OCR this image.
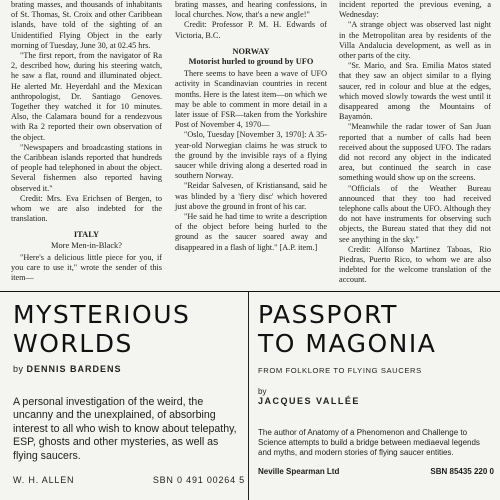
brating masses, and thousands of inhabitants of St. Thomas, St. Croix and other Caribbean islands, have told of the sighting of an Unidentified Flying Object in the early morning of Tuesday, June 30, at 02.45 hrs.

"The first report, from the navigator of Ra 2, described how, during his steering watch, he saw a flat, round and illuminated object. He alerted Mr. Heyerdahl and the Mexican anthropologist, Dr. Santiago Genoves. Together they watched it for 10 minutes. Also, the Calamara bound for a rendezvous with Ra 2 reported their own observation of the object.

"Newspapers and broadcasting stations in the Caribbean islands reported that hundreds of people had telephoned in about the object. Several fishermen also reported having observed it."

Credit: Mrs. Eva Erichsen of Bergen, to whom we are also indebted for the translation.

ITALY
More Men-in-Black?

"Here's a delicious little piece for you, if you care to use it," wrote the sender of this item—

brating masses, and hearing confessions, in local churches. Now, that's a new angle!"

Credit: Professor P. M. H. Edwards of Victoria, B.C.

NORWAY
Motorist hurled to ground by UFO

There seems to have been a wave of UFO activity in Scandinavian countries in recent months. Here is the latest item—on which we may be able to comment in more detail in a later issue of FSR—taken from the Yorkshire Post of November 4, 1970—

"Oslo, Tuesday [November 3, 1970]: A 35-year-old Norwegian claims he was struck to the ground by the invisible rays of a flying saucer while driving along a deserted road in southern Norway.

"Reidar Salvesen, of Kristiansand, said he was blinded by a 'fiery disc' which hovered just above the ground in front of his car.

"He said he had time to write a description of the object before being hurled to the ground as the saucer soared away and disappeared in a flash of light." [A.P. item.]

incident reported the previous evening, a Wednesday:

"A strange object was observed last night in the Metropolitan area by residents of the Villa Andalucia development, as well as in other parts of the city.

"Sr. Mario, and Sra. Emilia Matos stated that they saw an object similar to a flying saucer, red in colour and blue at the edges, which moved slowly towards the west until it disappeared among the Mountains of Bayamón.

"Meanwhile the radar tower of San Juan reported that a number of calls had been received about the supposed UFO. The radars did not record any object in the indicated area, but continued the search in case something would show up on the screens.

"Officials of the Weather Bureau announced that they too had received telephone calls about the UFO. Although they do not have instruments for observing such objects, the Bureau stated that they did not see anything in the sky."

Credit: Alfonso Martinez Taboas, Rio Piedras, Puerto Rico, to whom we are also indebted for the welcome translation of the account.

MYSTERIOUS
WORLDS
by DENNIS BARDENS
A personal investigation of the weird, the uncanny and the unexplained, of absorbing interest to all who wish to know about telepathy, ESP, ghosts and other mysteries, as well as flying saucers.
W. H. ALLEN	SBN 0 491 00264 5
PASSPORT
TO MAGONIA
FROM FOLKLORE TO FLYING SAUCERS
by
JACQUES VALLÉE
The author of Anatomy of a Phenomenon and Challenge to Science attempts to build a bridge between mediaeval legends and myths, and modern stories of flying saucer entities.
Neville Spearman Ltd	SBN 85435 220 0
